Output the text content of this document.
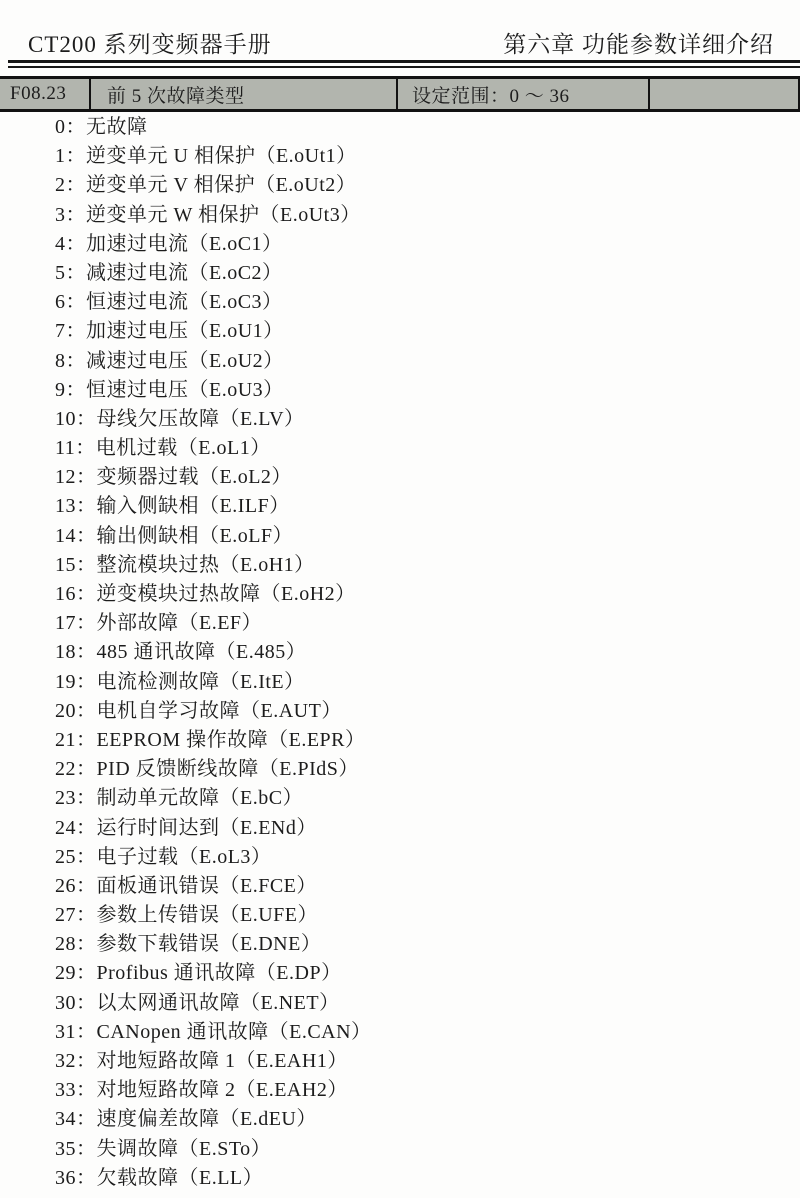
CT200 系列变频器手册	第六章 功能参数详细介绍
F08.23	前 5 次故障类型	设定范围：0 ～ 36
0：无故障
1：逆变单元 U 相保护（E.oUt1）
2：逆变单元 V 相保护（E.oUt2）
3：逆变单元 W 相保护（E.oUt3）
4：加速过电流（E.oC1）
5：减速过电流（E.oC2）
6：恒速过电流（E.oC3）
7：加速过电压（E.oU1）
8：减速过电压（E.oU2）
9：恒速过电压（E.oU3）
10：母线欠压故障（E.LV）
11：电机过载（E.oL1）
12：变频器过载（E.oL2）
13：输入侧缺相（E.ILF）
14：输出侧缺相（E.oLF）
15：整流模块过热（E.oH1）
16：逆变模块过热故障（E.oH2）
17：外部故障（E.EF）
18：485 通讯故障（E.485）
19：电流检测故障（E.ItE）
20：电机自学习故障（E.AUT）
21：EEPROM 操作故障（E.EPR）
22：PID 反馈断线故障（E.PIdS）
23：制动单元故障（E.bC）
24：运行时间达到（E.ENd）
25：电子过载（E.oL3）
26：面板通讯错误（E.FCE）
27：参数上传错误（E.UFE）
28：参数下载错误（E.DNE）
29：Profibus 通讯故障（E.DP）
30：以太网通讯故障（E.NET）
31：CANopen 通讯故障（E.CAN）
32：对地短路故障 1（E.EAH1）
33：对地短路故障 2（E.EAH2）
34：速度偏差故障（E.dEU）
35：失调故障（E.STo）
36：欠载故障（E.LL）
